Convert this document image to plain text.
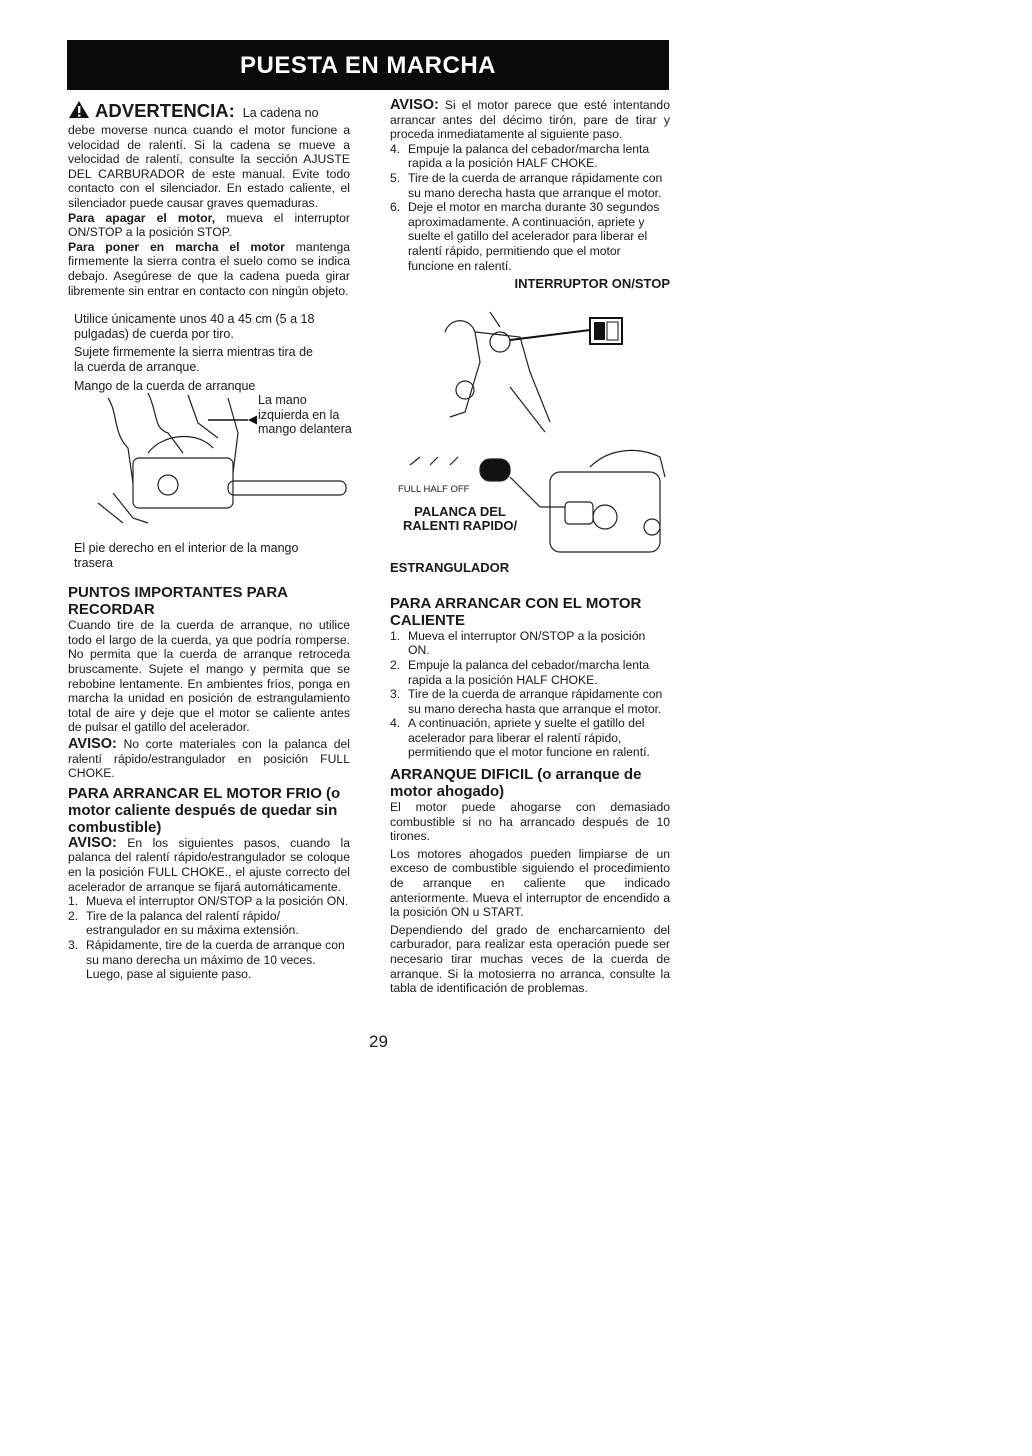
PUESTA EN MARCHA
ADVERTENCIA: La cadena no

debe moverse nunca cuando el motor funcione a velocidad de ralentí. Si la cadena se mueve a velocidad de ralentí, consulte la sección AJUSTE DEL CARBURADOR de este manual. Evite todo contacto con el silenciador. En estado caliente, el silenciador puede causar graves quemaduras.

Para apagar el motor, mueva el interruptor ON/STOP a la posición STOP.

Para poner en marcha el motor mantenga firmemente la sierra contra el suelo como se indica debajo. Asegúrese de que la cadena pueda girar libremente sin entrar en contacto con ningún objeto.

Utilice únicamente unos 40 a 45 cm (5 a 18 pulgadas) de cuerda por tiro.

Sujete firmemente la sierra mientras tira de la cuerda de arranque.

Mango de la cuerda de arranque

La mano izquierda en la mango delantera

El pie derecho en el interior de la mango trasera

PUNTOS IMPORTANTES PARA RECORDAR

Cuando tire de la cuerda de arranque, no utilice todo el largo de la cuerda, ya que podría romperse. No permita que la cuerda de arranque retroceda bruscamente. Sujete el mango y permita que se rebobine lentamente. En ambientes fríos, ponga en marcha la unidad en posición de estrangulamiento total de aire y deje que el motor se caliente antes de pulsar el gatillo del acelerador.

AVISO: No corte materiales con la palanca del ralentí rápido/estrangulador en posición FULL CHOKE.

PARA ARRANCAR EL MOTOR FRIO (o motor caliente después de quedar sin combustible)

AVISO: En los siguientes pasos, cuando la palanca del ralentí rápido/estrangulador se coloque en la posición FULL CHOKE., el ajuste correcto del acelerador de arranque se fijará automáticamente.

1. Mueva el interruptor ON/STOP a la posición ON.
2. Tire de la palanca del ralentí rápido/ estrangulador en su máxima extensión.
3. Rápidamente, tire de la cuerda de arranque con su mano derecha un máximo de 10 veces. Luego, pase al siguiente paso.

AVISO: Si el motor parece que esté intentando arrancar antes del décimo tirón, pare de tirar y proceda inmediatamente al siguiente paso.

4. Empuje la palanca del cebador/marcha lenta rapida a la posición HALF CHOKE.
5. Tire de la cuerda de arranque rápidamente con su mano derecha hasta que arranque el motor.
6. Deje el motor en marcha durante 30 segundos aproximadamente. A continuación, apriete y suelte el gatillo del acelerador para liberar el ralentí rápido, permitiendo que el motor funcione en ralentí.
INTERRUPTOR ON/STOP
FULL HALF OFF
PALANCA DEL RALENTI RAPIDO/
ESTRANGULADOR
PARA ARRANCAR CON EL MOTOR CALIENTE
1. Mueva el interruptor ON/STOP a la posición ON.
2. Empuje la palanca del cebador/marcha lenta rapida a la posición HALF CHOKE.
3. Tire de la cuerda de arranque rápidamente con su mano derecha hasta que arranque el motor.
4. A continuación, apriete y suelte el gatillo del acelerador para liberar el ralentí rápido, permitiendo que el motor funcione en ralentí.
ARRANQUE DIFICIL (o arranque de motor ahogado)

El motor puede ahogarse con demasiado combustible si no ha arrancado después de 10 tirones.

Los motores ahogados pueden limpiarse de un exceso de combustible siguiendo el procedimiento de arranque en caliente que indicado anteriormente. Mueva el interruptor de encendido a la posición ON u START.

Dependiendo del grado de encharcamiento del carburador, para realizar esta operación puede ser necesario tirar muchas veces de la cuerda de arranque. Si la motosierra no arranca, consulte la tabla de identificación de problemas.

29
